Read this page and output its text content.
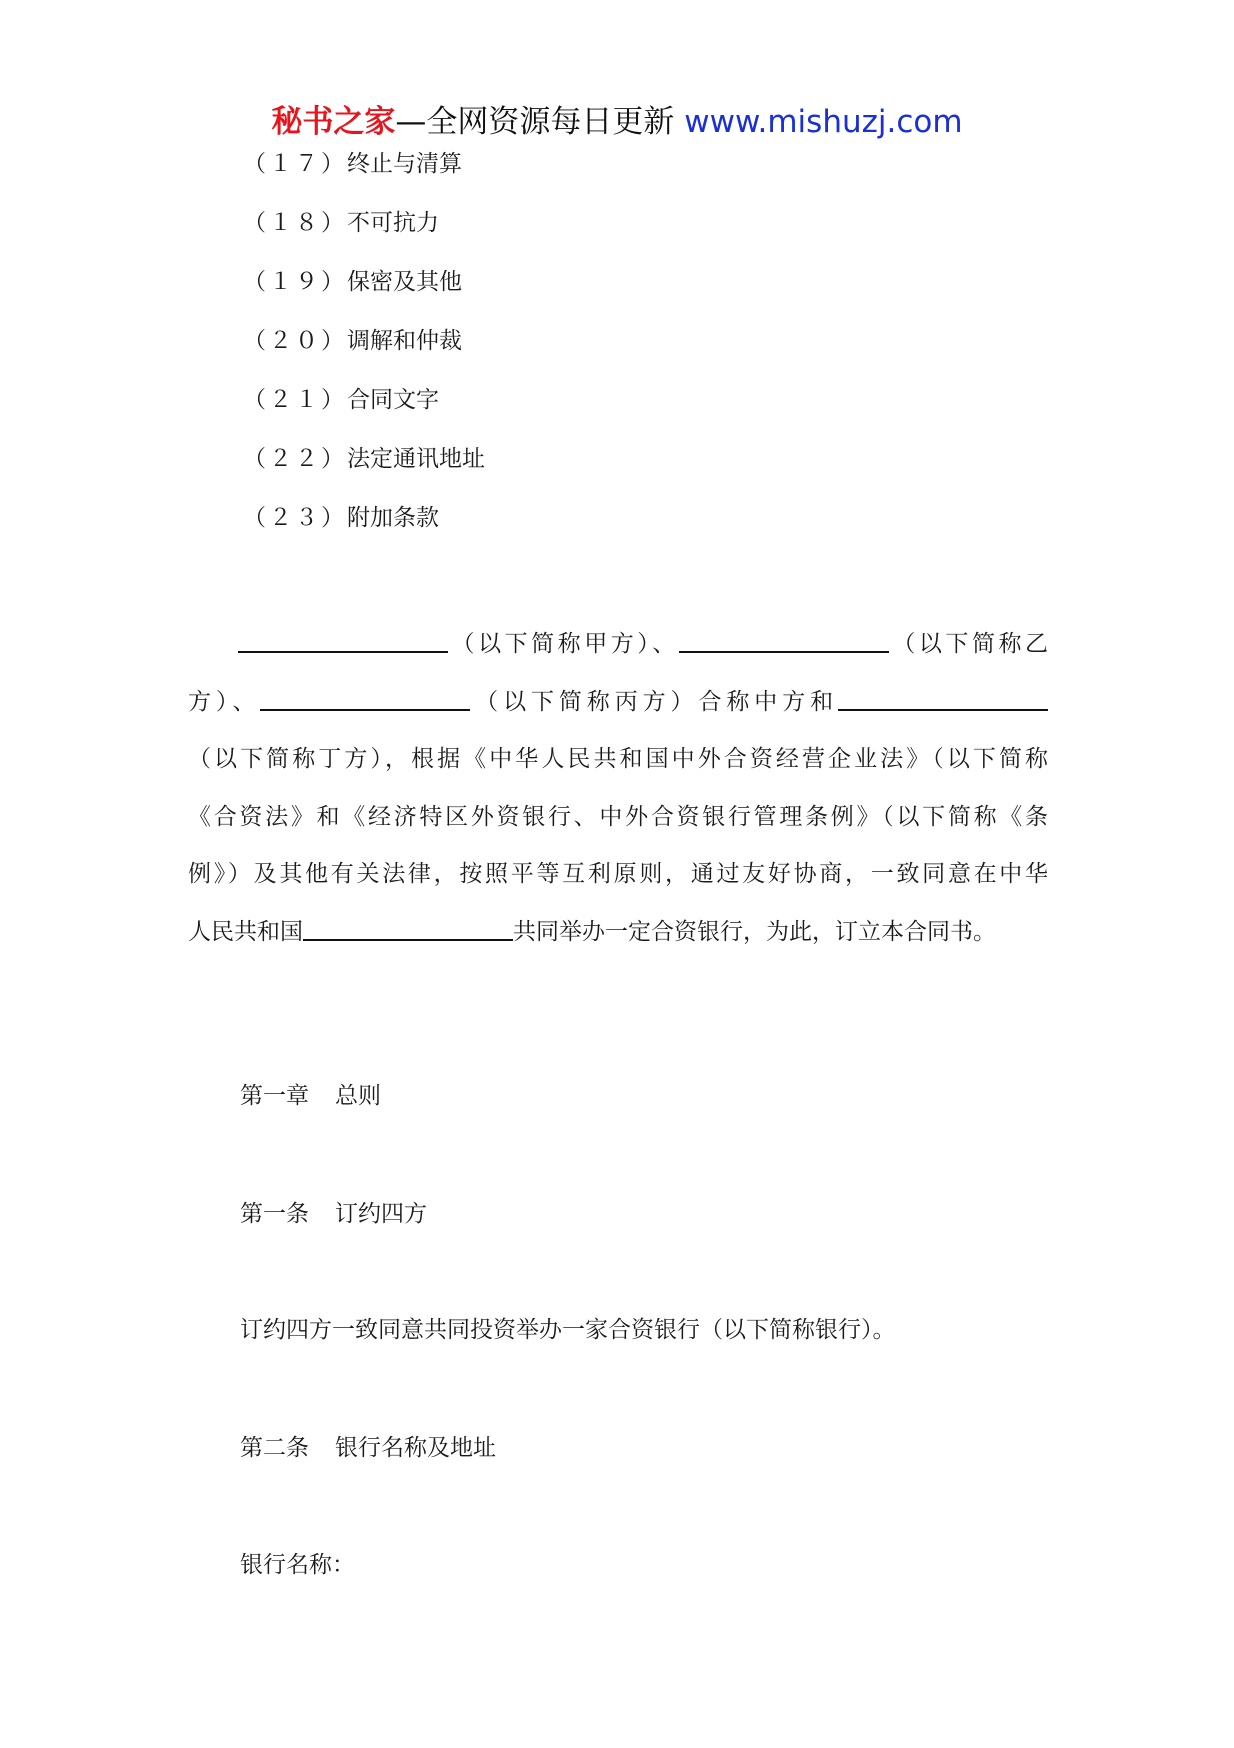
秘书之家—全网资源每日更新 www.mishuzj.com
（１７）终止与清算
（１８）不可抗力
（１９）保密及其他
（２０）调解和仲裁
（２１）合同文字
（２２）法定通讯地址
（２３）附加条款
（以下简称甲方）、	（以下简称乙
方）、	（以下简称丙方）合称中方和
（以下简称丁方），根据《中华人民共和国中外合资经营企业法》（以下简称
《合资法》和《经济特区外资银行、中外合资银行管理条例》（以下简称《条
例》）及其他有关法律，按照平等互利原则，通过友好协商，一致同意在中华
人民共和国	共同举办一定合资银行，为此，订立本合同书。
第一章 总则
第一条 订约四方
订约四方一致同意共同投资举办一家合资银行（以下简称银行）。
第二条 银行名称及地址
银行名称：
